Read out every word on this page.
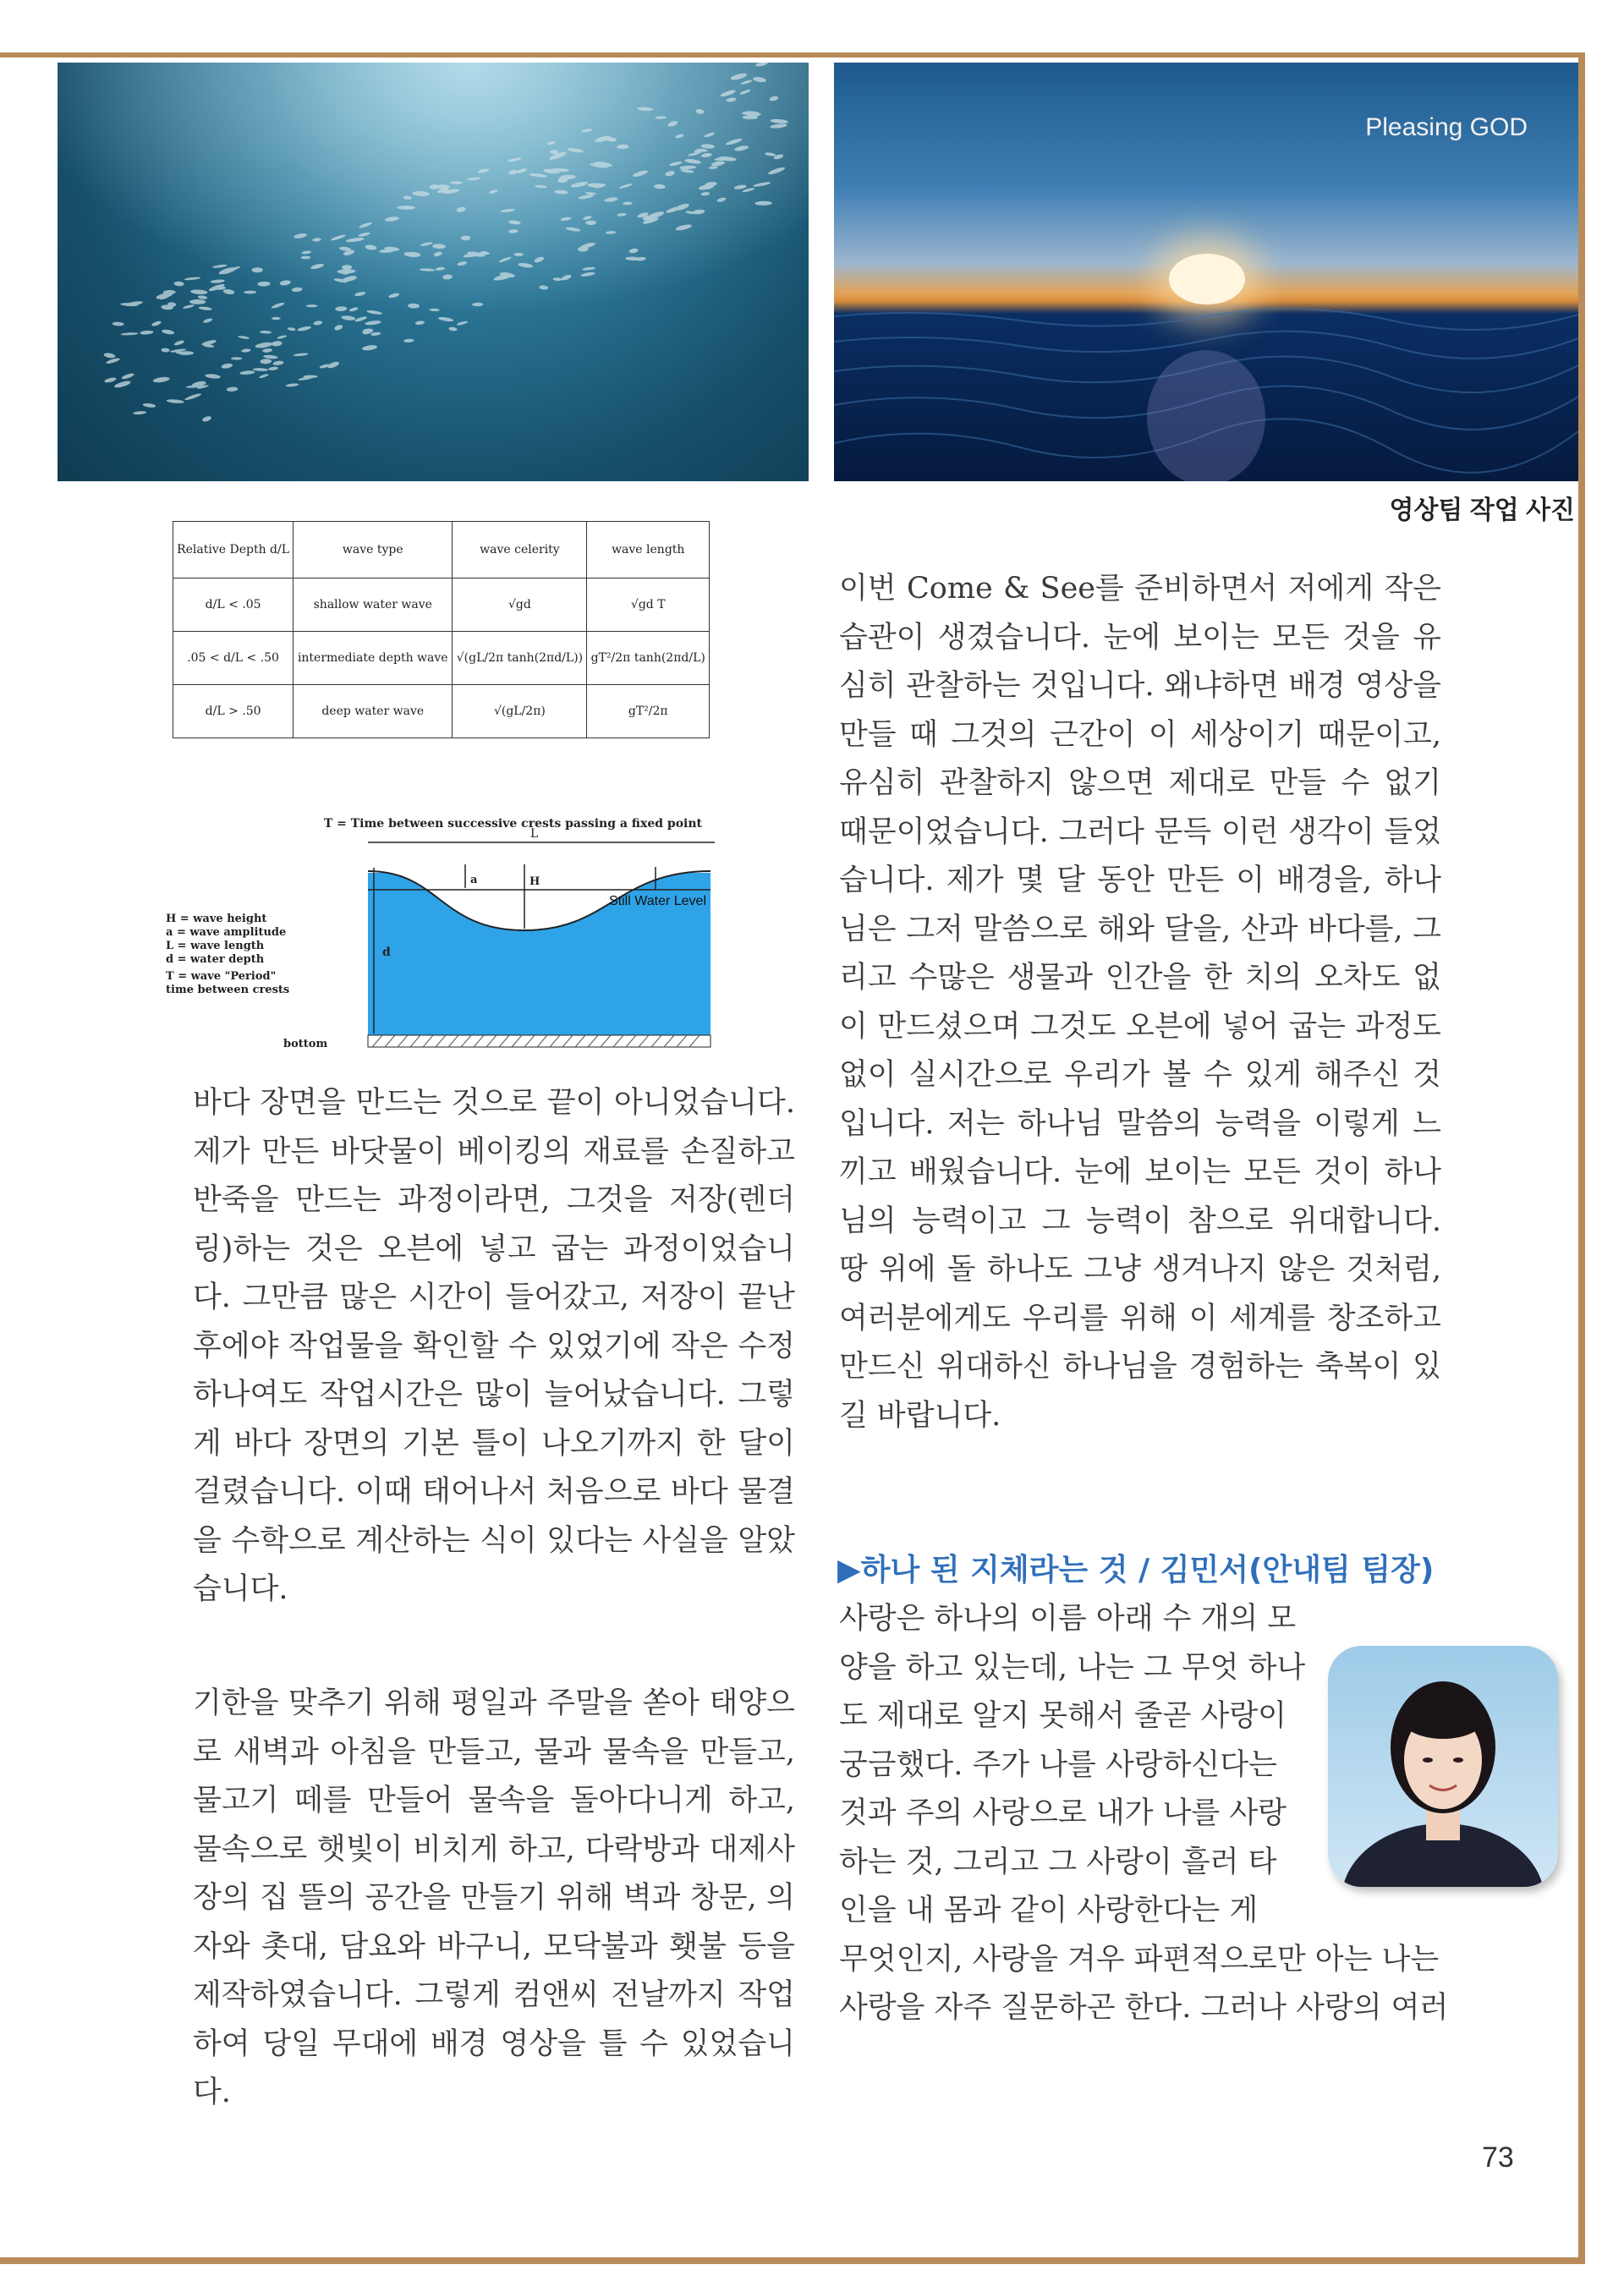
Pleasing GOD
영상팀 작업 사진
Relative Depth d/L	wave type	wave celerity	wave length
d/L < .05	shallow water wave	√gd	√gd T
.05 < d/L < .50	intermediate depth wave	√(gL/2π tanh(2πd/L))	gT²/2π tanh(2πd/L)
d/L > .50	deep water wave	√(gL/2π)	gT²/2π
T = Time between successive crests passing a fixed point
L
a	H
d
Still Water Level
bottom
H = wave height
a = wave amplitude
L = wave length
d = water depth
T = wave "Period"
time between crests

바다 장면을 만드는 것으로 끝이 아니었습니다. 제가 만든 바닷물이 베이킹의 재료를 손질하고 반죽을 만드는 과정이라면, 그것을 저장(렌더링)하는 것은 오븐에 넣고 굽는 과정이었습니다. 그만큼 많은 시간이 들어갔고, 저장이 끝난 후에야 작업물을 확인할 수 있었기에 작은 수정 하나여도 작업시간은 많이 늘어났습니다. 그렇게 바다 장면의 기본 틀이 나오기까지 한 달이 걸렸습니다. 이때 태어나서 처음으로 바다 물결을 수학으로 계산하는 식이 있다는 사실을 알았습니다.

기한을 맞추기 위해 평일과 주말을 쏟아 태양으로 새벽과 아침을 만들고, 물과 물속을 만들고, 물고기 떼를 만들어 물속을 돌아다니게 하고, 물속으로 햇빛이 비치게 하고, 다락방과 대제사장의 집 뜰의 공간을 만들기 위해 벽과 창문, 의자와 촛대, 담요와 바구니, 모닥불과 횃불 등을 제작하였습니다. 그렇게 컴앤씨 전날까지 작업하여 당일 무대에 배경 영상을 틀 수 있었습니다.

이번 Come & See를 준비하면서 저에게 작은 습관이 생겼습니다. 눈에 보이는 모든 것을 유심히 관찰하는 것입니다. 왜냐하면 배경 영상을 만들 때 그것의 근간이 이 세상이기 때문이고, 유심히 관찰하지 않으면 제대로 만들 수 없기 때문이었습니다. 그러다 문득 이런 생각이 들었습니다. 제가 몇 달 동안 만든 이 배경을, 하나님은 그저 말씀으로 해와 달을, 산과 바다를, 그리고 수많은 생물과 인간을 한 치의 오차도 없이 만드셨으며 그것도 오븐에 넣어 굽는 과정도 없이 실시간으로 우리가 볼 수 있게 해주신 것입니다. 저는 하나님 말씀의 능력을 이렇게 느끼고 배웠습니다. 눈에 보이는 모든 것이 하나님의 능력이고 그 능력이 참으로 위대합니다. 땅 위에 돌 하나도 그냥 생겨나지 않은 것처럼, 여러분에게도 우리를 위해 이 세계를 창조하고 만드신 위대하신 하나님을 경험하는 축복이 있길 바랍니다.

▶하나 된 지체라는 것 / 김민서(안내팀 팀장)
사랑은 하나의 이름 아래 수 개의 모
양을 하고 있는데, 나는 그 무엇 하나
도 제대로 알지 못해서 줄곧 사랑이
궁금했다. 주가 나를 사랑하신다는
것과 주의 사랑으로 내가 나를 사랑
하는 것, 그리고 그 사랑이 흘러 타
인을 내 몸과 같이 사랑한다는 게
무엇인지, 사랑을 겨우 파편적으로만 아는 나는
사랑을 자주 질문하곤 한다. 그러나 사랑의 여러
73
